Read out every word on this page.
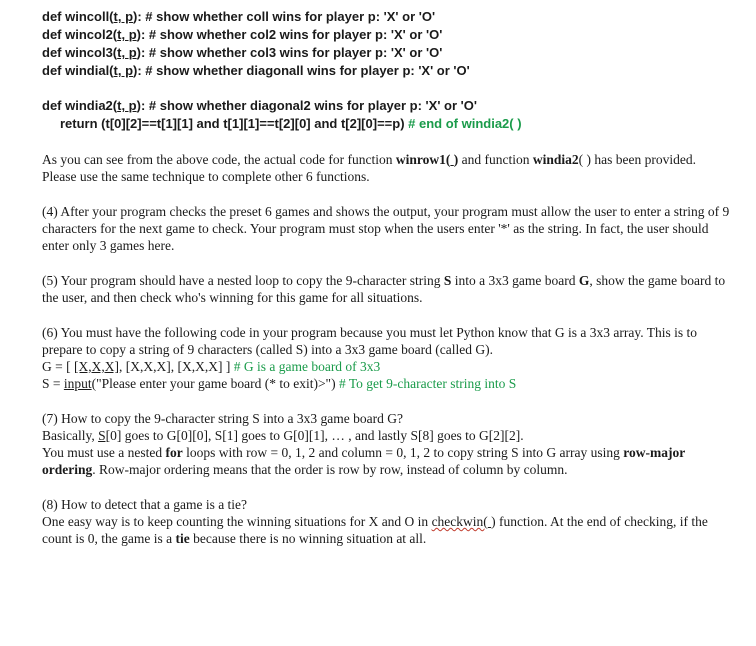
def wincoll(t, p): # show whether coll wins for player p: 'X' or 'O'
def wincol2(t, p): # show whether col2 wins for player p: 'X' or 'O'
def wincol3(t, p): # show whether col3 wins for player p: 'X' or 'O'
def windial(t, p): # show whether diagonall wins for player p: 'X' or 'O'
def windia2(t, p): # show whether diagonal2 wins for player p: 'X' or 'O'
return (t[0][2]==t[1][1] and t[1][1]==t[2][0] and t[2][0]==p) # end of windia2( )

As you can see from the above code, the actual code for function winrow1( ) and function windia2( ) has been provided. Please use the same technique to complete other 6 functions.

(4) After your program checks the preset 6 games and shows the output, your program must allow the user to enter a string of 9 characters for the next game to check. Your program must stop when the users enter '*' as the string. In fact, the user should enter only 3 games here.

(5) Your program should have a nested loop to copy the 9-character string S into a 3x3 game board G, show the game board to the user, and then check who's winning for this game for all situations.

(6) You must have the following code in your program because you must let Python know that G is a 3x3 array. This is to prepare to copy a string of 9 characters (called S) into a 3x3 game board (called G).

G = [ [X,X,X], [X,X,X], [X,X,X] ] # G is a game board of 3x3

S = input("Please enter your game board (* to exit)>") # To get 9-character string into S

(7) How to copy the 9-character string S into a 3x3 game board G?

Basically, S[0] goes to G[0][0], S[1] goes to G[0][1], … , and lastly S[8] goes to G[2][2].

You must use a nested for loops with row = 0, 1, 2 and column = 0, 1, 2 to copy string S into G array using row-major ordering. Row-major ordering means that the order is row by row, instead of column by column.

(8) How to detect that a game is a tie?

One easy way is to keep counting the winning situations for X and O in checkwin( ) function. At the end of checking, if the count is 0, the game is a tie because there is no winning situation at all.
